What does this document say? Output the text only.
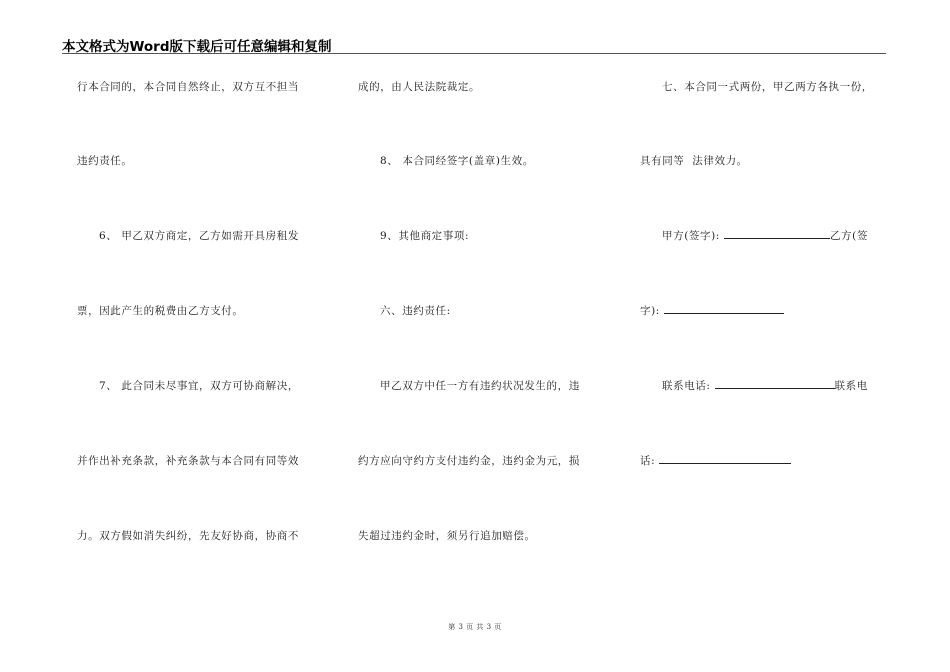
本文格式为Word版下载后可任意编辑和复制
行本合同的，本合同自然终止，双方互不担当
违约责任。
6、 甲乙双方商定，乙方如需开具房租发
票，因此产生的税费由乙方支付。
7、 此合同未尽事宜，双方可协商解决，
并作出补充条款，补充条款与本合同有同等效
力。双方假如消失纠纷，先友好协商，协商不
成的，由人民法院裁定。
8、 本合同经签字(盖章)生效。
9、其他商定事项:
六、违约责任:
甲乙双方中任一方有违约状况发生的，违
约方应向守约方支付违约金，违约金为元，损
失超过违约金时，须另行追加赔偿。
七、本合同一式两份，甲乙两方各执一份，
具有同等  法律效力。
甲方(签字):	乙方(签
字):
联系电话:	联系电
话:
第 3 页 共 3 页
